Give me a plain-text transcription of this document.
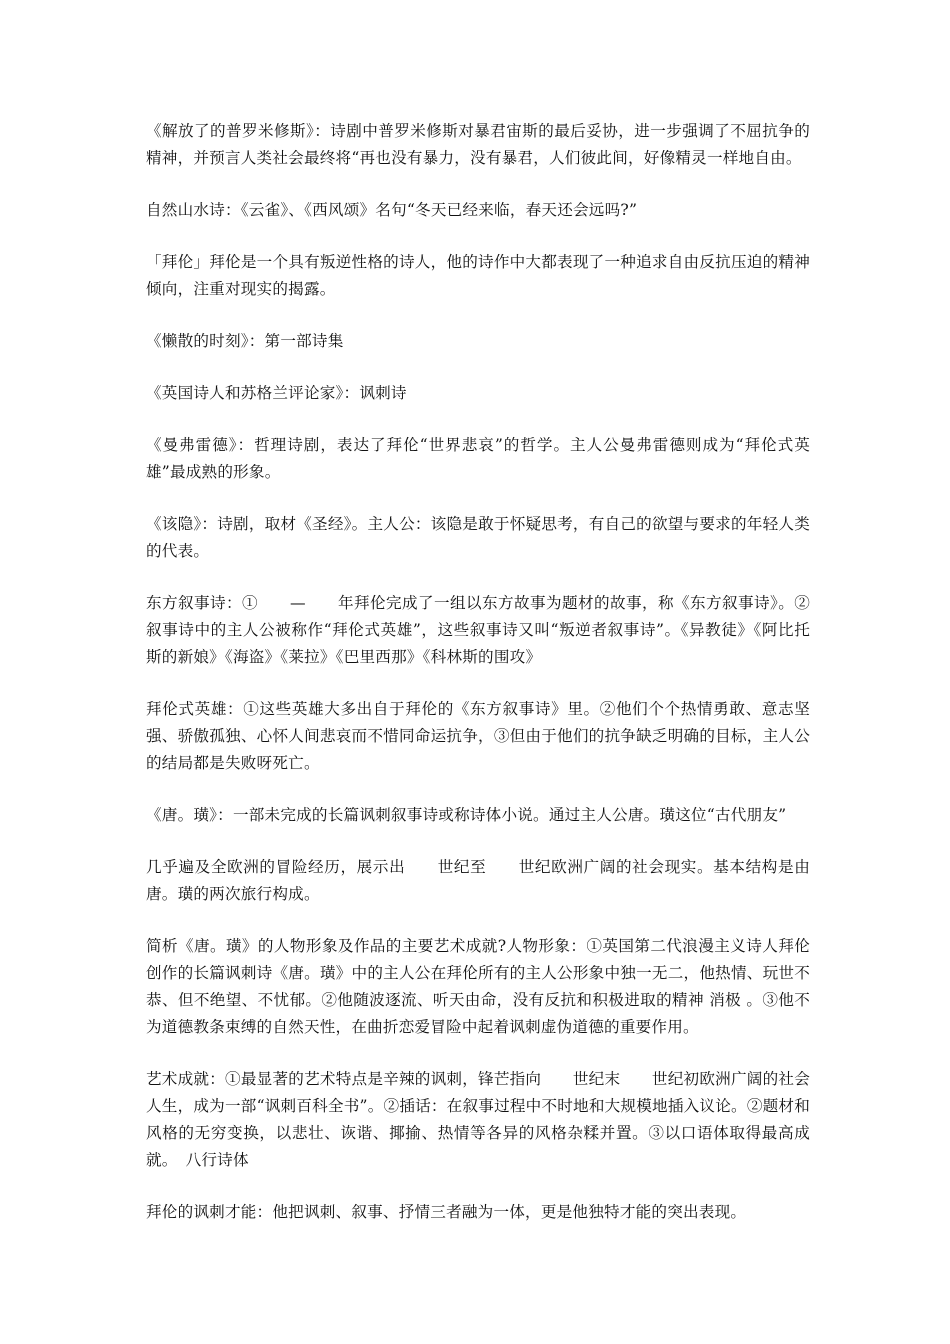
《解放了的普罗米修斯》：诗剧中普罗米修斯对暴君宙斯的最后妥协，进一步强调了不屈抗争的精神，并预言人类社会最终将“再也没有暴力，没有暴君，人们彼此间，好像精灵一样地自由。

自然山水诗：《云雀》、《西风颂》名句“冬天已经来临，春天还会远吗?”

「拜伦」拜伦是一个具有叛逆性格的诗人，他的诗作中大都表现了一种追求自由反抗压迫的精神倾向，注重对现实的揭露。

《懒散的时刻》：第一部诗集

《英国诗人和苏格兰评论家》：讽刺诗

《曼弗雷德》：哲理诗剧，表达了拜伦“世界悲哀”的哲学。主人公曼弗雷德则成为“拜伦式英雄”最成熟的形象。

《该隐》：诗剧，取材《圣经》。主人公：该隐是敢于怀疑思考，有自己的欲望与要求的年轻人类的代表。

东方叙事诗：①　　—　　年拜伦完成了一组以东方故事为题材的故事，称《东方叙事诗》。②叙事诗中的主人公被称作“拜伦式英雄”，这些叙事诗又叫“叛逆者叙事诗”。《异教徒》《阿比托斯的新娘》《海盗》《莱拉》《巴里西那》《科林斯的围攻》

拜伦式英雄：①这些英雄大多出自于拜伦的《东方叙事诗》里。②他们个个热情勇敢、意志坚强、骄傲孤独、心怀人间悲哀而不惜同命运抗争，③但由于他们的抗争缺乏明确的目标，主人公的结局都是失败呀死亡。

《唐。璜》：一部未完成的长篇讽刺叙事诗或称诗体小说。通过主人公唐。璜这位“古代朋友”

几乎遍及全欧洲的冒险经历，展示出　　世纪至　　世纪欧洲广阔的社会现实。基本结构是由唐。璜的两次旅行构成。

简析《唐。璜》的人物形象及作品的主要艺术成就?人物形象：①英国第二代浪漫主义诗人拜伦创作的长篇讽刺诗《唐。璜》中的主人公在拜伦所有的主人公形象中独一无二，他热情、玩世不恭、但不绝望、不忧郁。②他随波逐流、听天由命，没有反抗和积极进取的精神 消极 。③他不为道德教条束缚的自然天性，在曲折恋爱冒险中起着讽刺虚伪道德的重要作用。

艺术成就：①最显著的艺术特点是辛辣的讽刺，锋芒指向　　世纪末　　世纪初欧洲广阔的社会人生，成为一部“讽刺百科全书”。②插话：在叙事过程中不时地和大规模地插入议论。②题材和风格的无穷变换，以悲壮、诙谐、揶揄、热情等各异的风格杂糅并置。③以口语体取得最高成就。　八行诗体

拜伦的讽刺才能：他把讽刺、叙事、抒情三者融为一体，更是他独特才能的突出表现。
